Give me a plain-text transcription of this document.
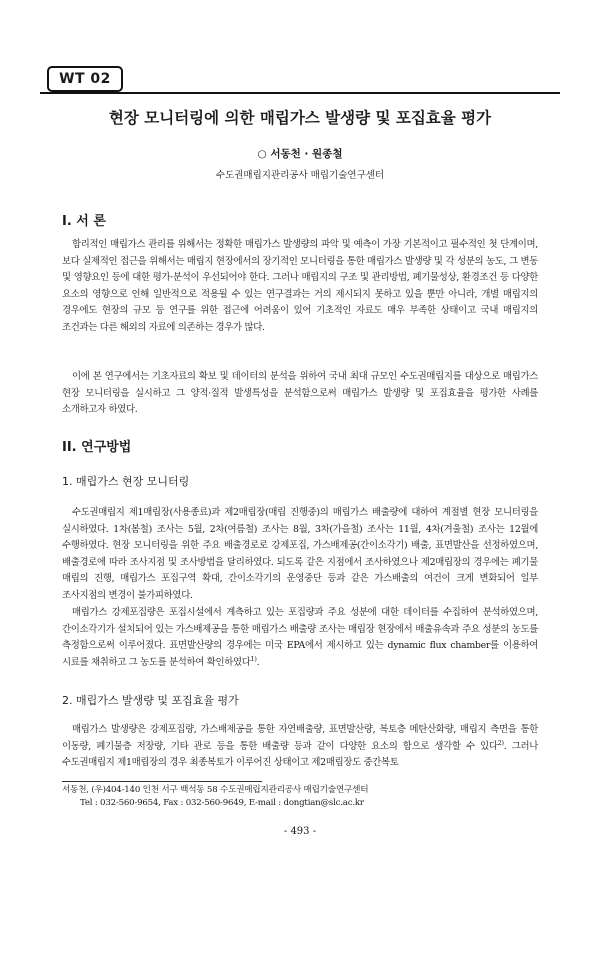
WT 02
현장 모니터링에 의한 매립가스 발생량 및 포집효율 평가
○ 서동천 · 원종철
수도권매립지관리공사 매립기술연구센터
I. 서 론

합리적인 매립가스 관리를 위해서는 정확한 매립가스 발생량의 파악 및 예측이 가장 기본적이고 필수적인 첫 단계이며, 보다 실제적인 접근을 위해서는 매립지 현장에서의 장기적인 모니터링을 통한 매립가스 발생량 및 각 성분의 농도, 그 변동 및 영향요인 등에 대한 평가·분석이 우선되어야 한다. 그러나 매립지의 구조 및 관리방법, 폐기물성상, 환경조건 등 다양한 요소의 영향으로 인해 일반적으로 적용될 수 있는 연구결과는 거의 제시되지 못하고 있을 뿐만 아니라, 개별 매립지의 경우에도 현장의 규모 등 연구를 위한 접근에 어려움이 있어 기초적인 자료도 매우 부족한 상태이고 국내 매립지의 조건과는 다른 해외의 자료에 의존하는 경우가 많다.

이에 본 연구에서는 기초자료의 확보 및 데이터의 분석을 위하여 국내 최대 규모인 수도권매립지를 대상으로 매립가스 현장 모니터링을 실시하고 그 양적·질적 발생특성을 분석함으로써 매립가스 발생량 및 포집효율을 평가한 사례를 소개하고자 하였다.

II. 연구방법
1. 매립가스 현장 모니터링

수도권매립지 제1매립장(사용종료)과 제2매립장(매립 진행중)의 매립가스 배출량에 대하여 계절별 현장 모니터링을 실시하였다. 1차(봄철) 조사는 5월, 2차(여름철) 조사는 8월, 3차(가을철) 조사는 11월, 4차(겨울철) 조사는 12월에 수행하였다. 현장 모니터링을 위한 주요 배출경로로 강제포집, 가스배제공(간이소각기) 배출, 표면발산을 선정하였으며, 배출경로에 따라 조사지점 및 조사방법을 달리하였다. 되도록 같은 지점에서 조사하였으나 제2매립장의 경우에는 폐기물 매립의 진행, 매립가스 포집구역 확대, 간이소각기의 운영중단 등과 같은 가스배출의 여건이 크게 변화되어 일부 조사지점의 변경이 불가피하였다.

매립가스 강제포집량은 포집시설에서 계측하고 있는 포집량과 주요 성분에 대한 데이터를 수집하여 분석하였으며, 간이소각기가 설치되어 있는 가스배제공을 통한 매립가스 배출량 조사는 매립장 현장에서 배출유속과 주요 성분의 농도를 측정함으로써 이루어졌다. 표면발산량의 경우에는 미국 EPA에서 제시하고 있는 dynamic flux chamber를 이용하여 시료를 채취하고 그 농도를 분석하여 확인하였다$^{1)}$.

2. 매립가스 발생량 및 포집효율 평가

매립가스 발생량은 강제포집량, 가스배제공을 통한 자연배출량, 표면발산량, 복토층 메탄산화량, 매립지 측면을 통한 이동량, 폐기물층 저장량, 기타 관로 등을 통한 배출량 등과 같이 다양한 요소의 합으로 생각할 수 있다$^{2)}$. 그러나 수도권매립지 제1매립장의 경우 최종복토가 이루어진 상태이고 제2매립장도 중간복토

서동천, (우)404-140 인천 서구 백석동 58 수도권매립지관리공사 매립기술연구센터
Tel : 032-560-9654, Fax : 032-560-9649, E-mail : dongtian@slc.ac.kr
- 493 -
